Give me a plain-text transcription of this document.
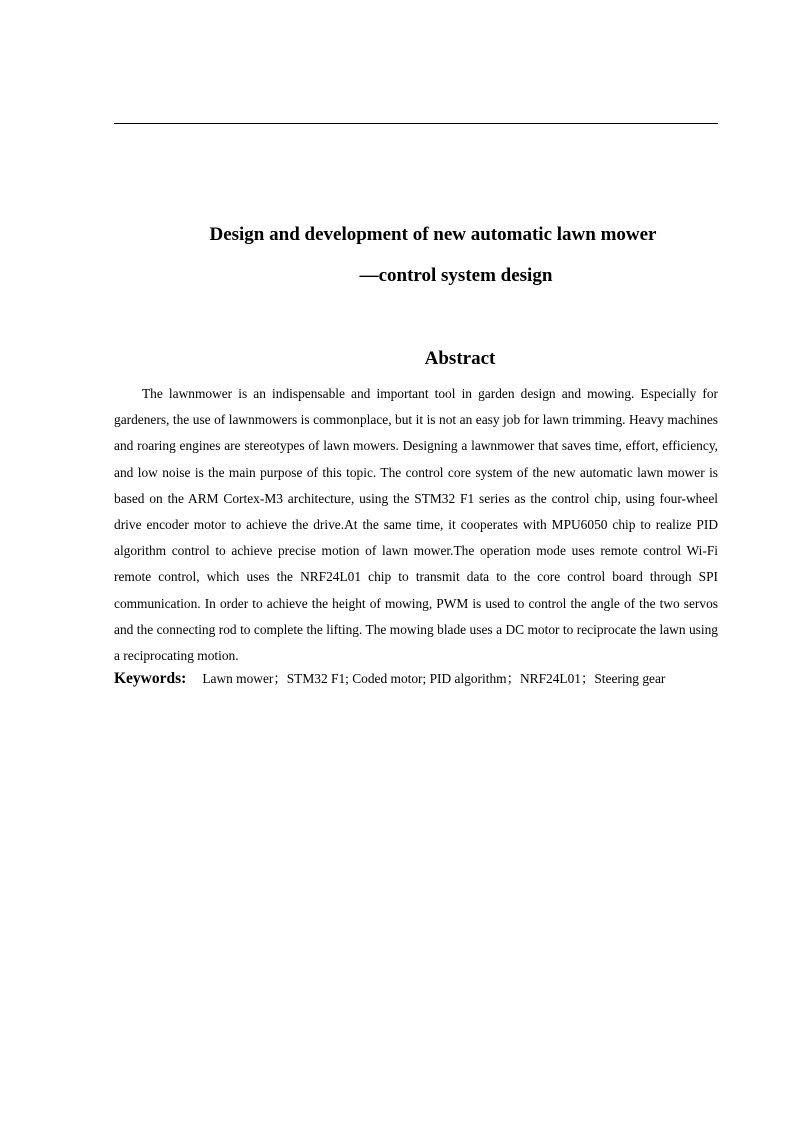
Design and development of new automatic lawn mower
—control system design
Abstract

The lawnmower is an indispensable and important tool in garden design and mowing. Especially for gardeners, the use of lawnmowers is commonplace, but it is not an easy job for lawn trimming. Heavy machines and roaring engines are stereotypes of lawn mowers. Designing a lawnmower that saves time, effort, efficiency, and low noise is the main purpose of this topic. The control core system of the new automatic lawn mower is based on the ARM Cortex-M3 architecture, using the STM32 F1 series as the control chip, using four-wheel drive encoder motor to achieve the drive.At the same time, it cooperates with MPU6050 chip to realize PID algorithm control to achieve precise motion of lawn mower.The operation mode uses remote control Wi-Fi remote control, which uses the NRF24L01 chip to transmit data to the core control board through SPI communication. In order to achieve the height of mowing, PWM is used to control the angle of the two servos and the connecting rod to complete the lifting. The mowing blade uses a DC motor to reciprocate the lawn using a reciprocating motion.

Keywords: Lawn mower；STM32 F1; Coded motor; PID algorithm；NRF24L01；Steering gear
